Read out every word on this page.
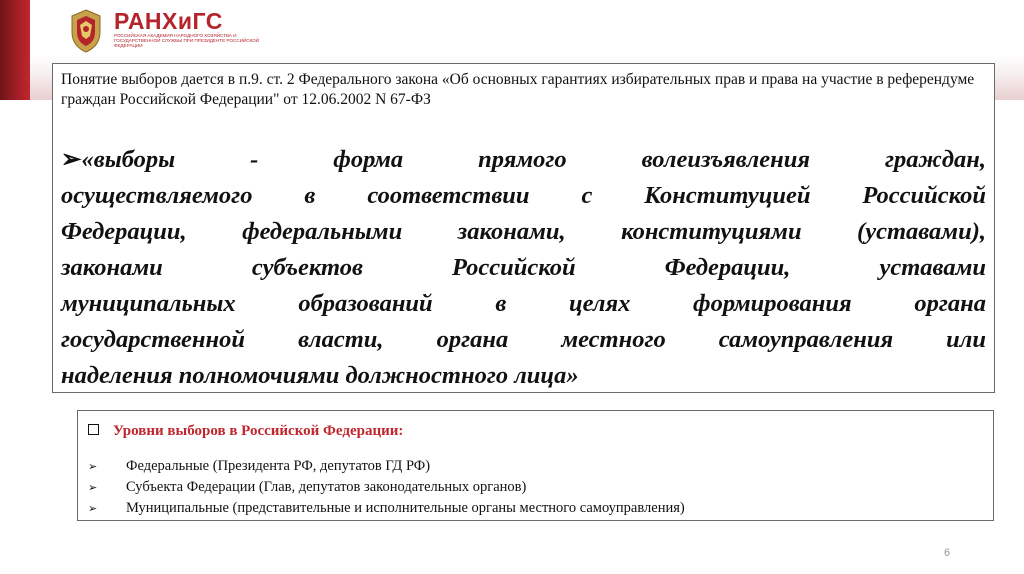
РАНХиГС
РОССИЙСКАЯ АКАДЕМИЯ НАРОДНОГО ХОЗЯЙСТВА И ГОСУДАРСТВЕННОЙ СЛУЖБЫ ПРИ ПРЕЗИДЕНТЕ РОССИЙСКОЙ ФЕДЕРАЦИИ

Понятие выборов дается в п.9. ст. 2 Федерального закона «Об основных гарантиях избирательных прав и права на участие в референдуме граждан Российской Федерации" от 12.06.2002 N 67-ФЗ

➢«выборы - форма прямого волеизъявления граждан,
осуществляемого в соответствии с Конституцией Российской
Федерации, федеральными законами, конституциями (уставами),
законами субъектов Российской Федерации, уставами
муниципальных образований в целях формирования органа
государственной власти, органа местного самоуправления или
наделения полномочиями должностного лица»
Уровни выборов в Российской Федерации:
➢ Федеральные (Президента РФ, депутатов ГД РФ)
➢ Субъекта Федерации (Глав, депутатов законодательных органов)
➢ Муниципальные (представительные и исполнительные органы местного самоуправления)
6
